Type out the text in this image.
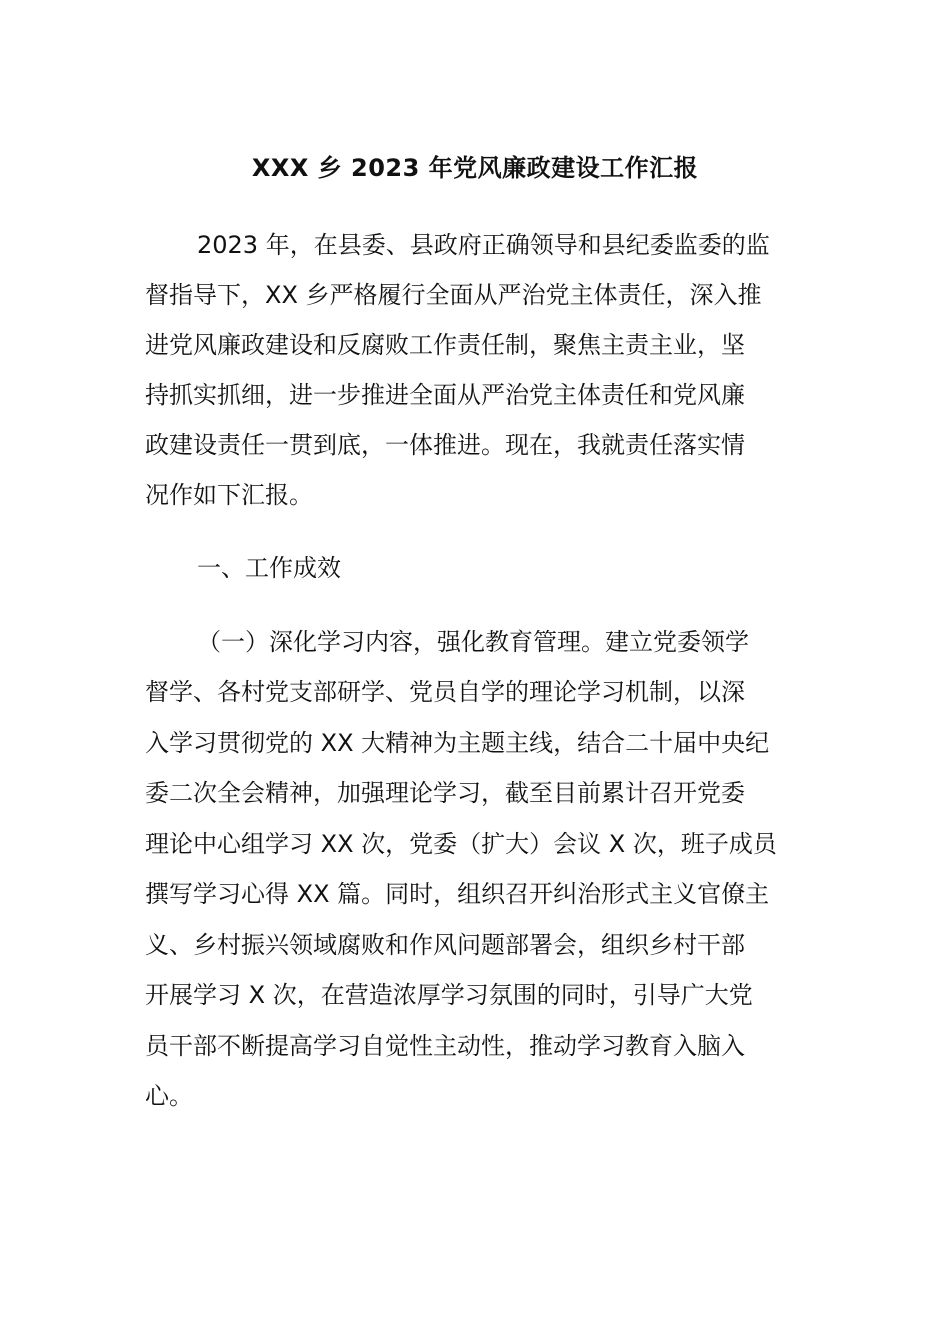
XXX 乡 2023 年党风廉政建设工作汇报
2023 年，在县委、县政府正确领导和县纪委监委的监
督指导下，XX 乡严格履行全面从严治党主体责任，深入推
进党风廉政建设和反腐败工作责任制，聚焦主责主业，坚
持抓实抓细，进一步推进全面从严治党主体责任和党风廉
政建设责任一贯到底，一体推进。现在，我就责任落实情
况作如下汇报。
一、工作成效
（一）深化学习内容，强化教育管理。建立党委领学
督学、各村党支部研学、党员自学的理论学习机制，以深
入学习贯彻党的 XX 大精神为主题主线，结合二十届中央纪
委二次全会精神，加强理论学习，截至目前累计召开党委
理论中心组学习 XX 次，党委（扩大）会议 X 次，班子成员
撰写学习心得 XX 篇。同时，组织召开纠治形式主义官僚主
义、乡村振兴领域腐败和作风问题部署会，组织乡村干部
开展学习 X 次，在营造浓厚学习氛围的同时，引导广大党
员干部不断提高学习自觉性主动性，推动学习教育入脑入
心。
